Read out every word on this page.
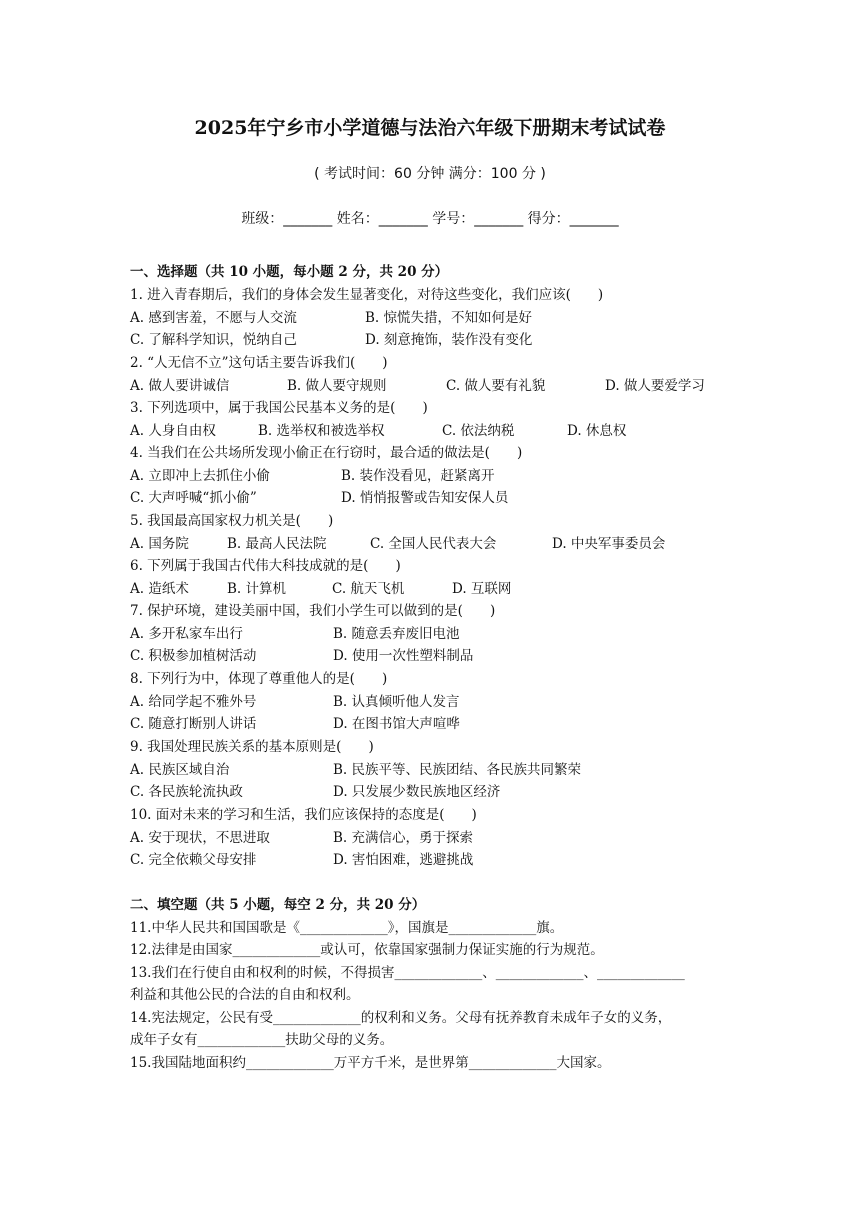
2025年宁乡市小学道德与法治六年级下册期末考试试卷
( 考试时间：60 分钟 满分：100 分 )
班级：_______ 姓名：_______ 学号：_______ 得分：_______
一、选择题（共 10 小题，每小题 2 分，共 20 分）
1. 进入青春期后，我们的身体会发生显著变化，对待这些变化，我们应该(　　)
A. 感到害羞，不愿与人交流	B. 惊慌失措，不知如何是好
C. 了解科学知识，悦纳自己	D. 刻意掩饰，装作没有变化
2. “人无信不立”这句话主要告诉我们(　　)
A. 做人要讲诚信	B. 做人要守规则	C. 做人要有礼貌	D. 做人要爱学习
3. 下列选项中，属于我国公民基本义务的是(　　)
A. 人身自由权	B. 选举权和被选举权	C. 依法纳税	D. 休息权
4. 当我们在公共场所发现小偷正在行窃时，最合适的做法是(　　)
A. 立即冲上去抓住小偷	B. 装作没看见，赶紧离开
C. 大声呼喊“抓小偷”	D. 悄悄报警或告知安保人员
5. 我国最高国家权力机关是(　　)
A. 国务院	B. 最高人民法院	C. 全国人民代表大会	D. 中央军事委员会
6. 下列属于我国古代伟大科技成就的是(　　)
A. 造纸术	B. 计算机	C. 航天飞机	D. 互联网
7. 保护环境，建设美丽中国，我们小学生可以做到的是(　　)
A. 多开私家车出行	B. 随意丢弃废旧电池
C. 积极参加植树活动	D. 使用一次性塑料制品
8. 下列行为中，体现了尊重他人的是(　　)
A. 给同学起不雅外号	B. 认真倾听他人发言
C. 随意打断别人讲话	D. 在图书馆大声喧哗
9. 我国处理民族关系的基本原则是(　　)
A. 民族区域自治	B. 民族平等、民族团结、各民族共同繁荣
C. 各民族轮流执政	D. 只发展少数民族地区经济
10. 面对未来的学习和生活，我们应该保持的态度是(　　)
A. 安于现状，不思进取	B. 充满信心，勇于探索
C. 完全依赖父母安排	D. 害怕困难，逃避挑战
二、填空题（共 5 小题，每空 2 分，共 20 分）
11.中华人民共和国国歌是《_____________》，国旗是_____________旗。
12.法律是由国家_____________或认可，依靠国家强制力保证实施的行为规范。
13.我们在行使自由和权利的时候，不得损害_____________、_____________、_____________
利益和其他公民的合法的自由和权利。
14.宪法规定，公民有受_____________的权利和义务。父母有抚养教育未成年子女的义务，
成年子女有_____________扶助父母的义务。
15.我国陆地面积约_____________万平方千米，是世界第_____________大国家。
